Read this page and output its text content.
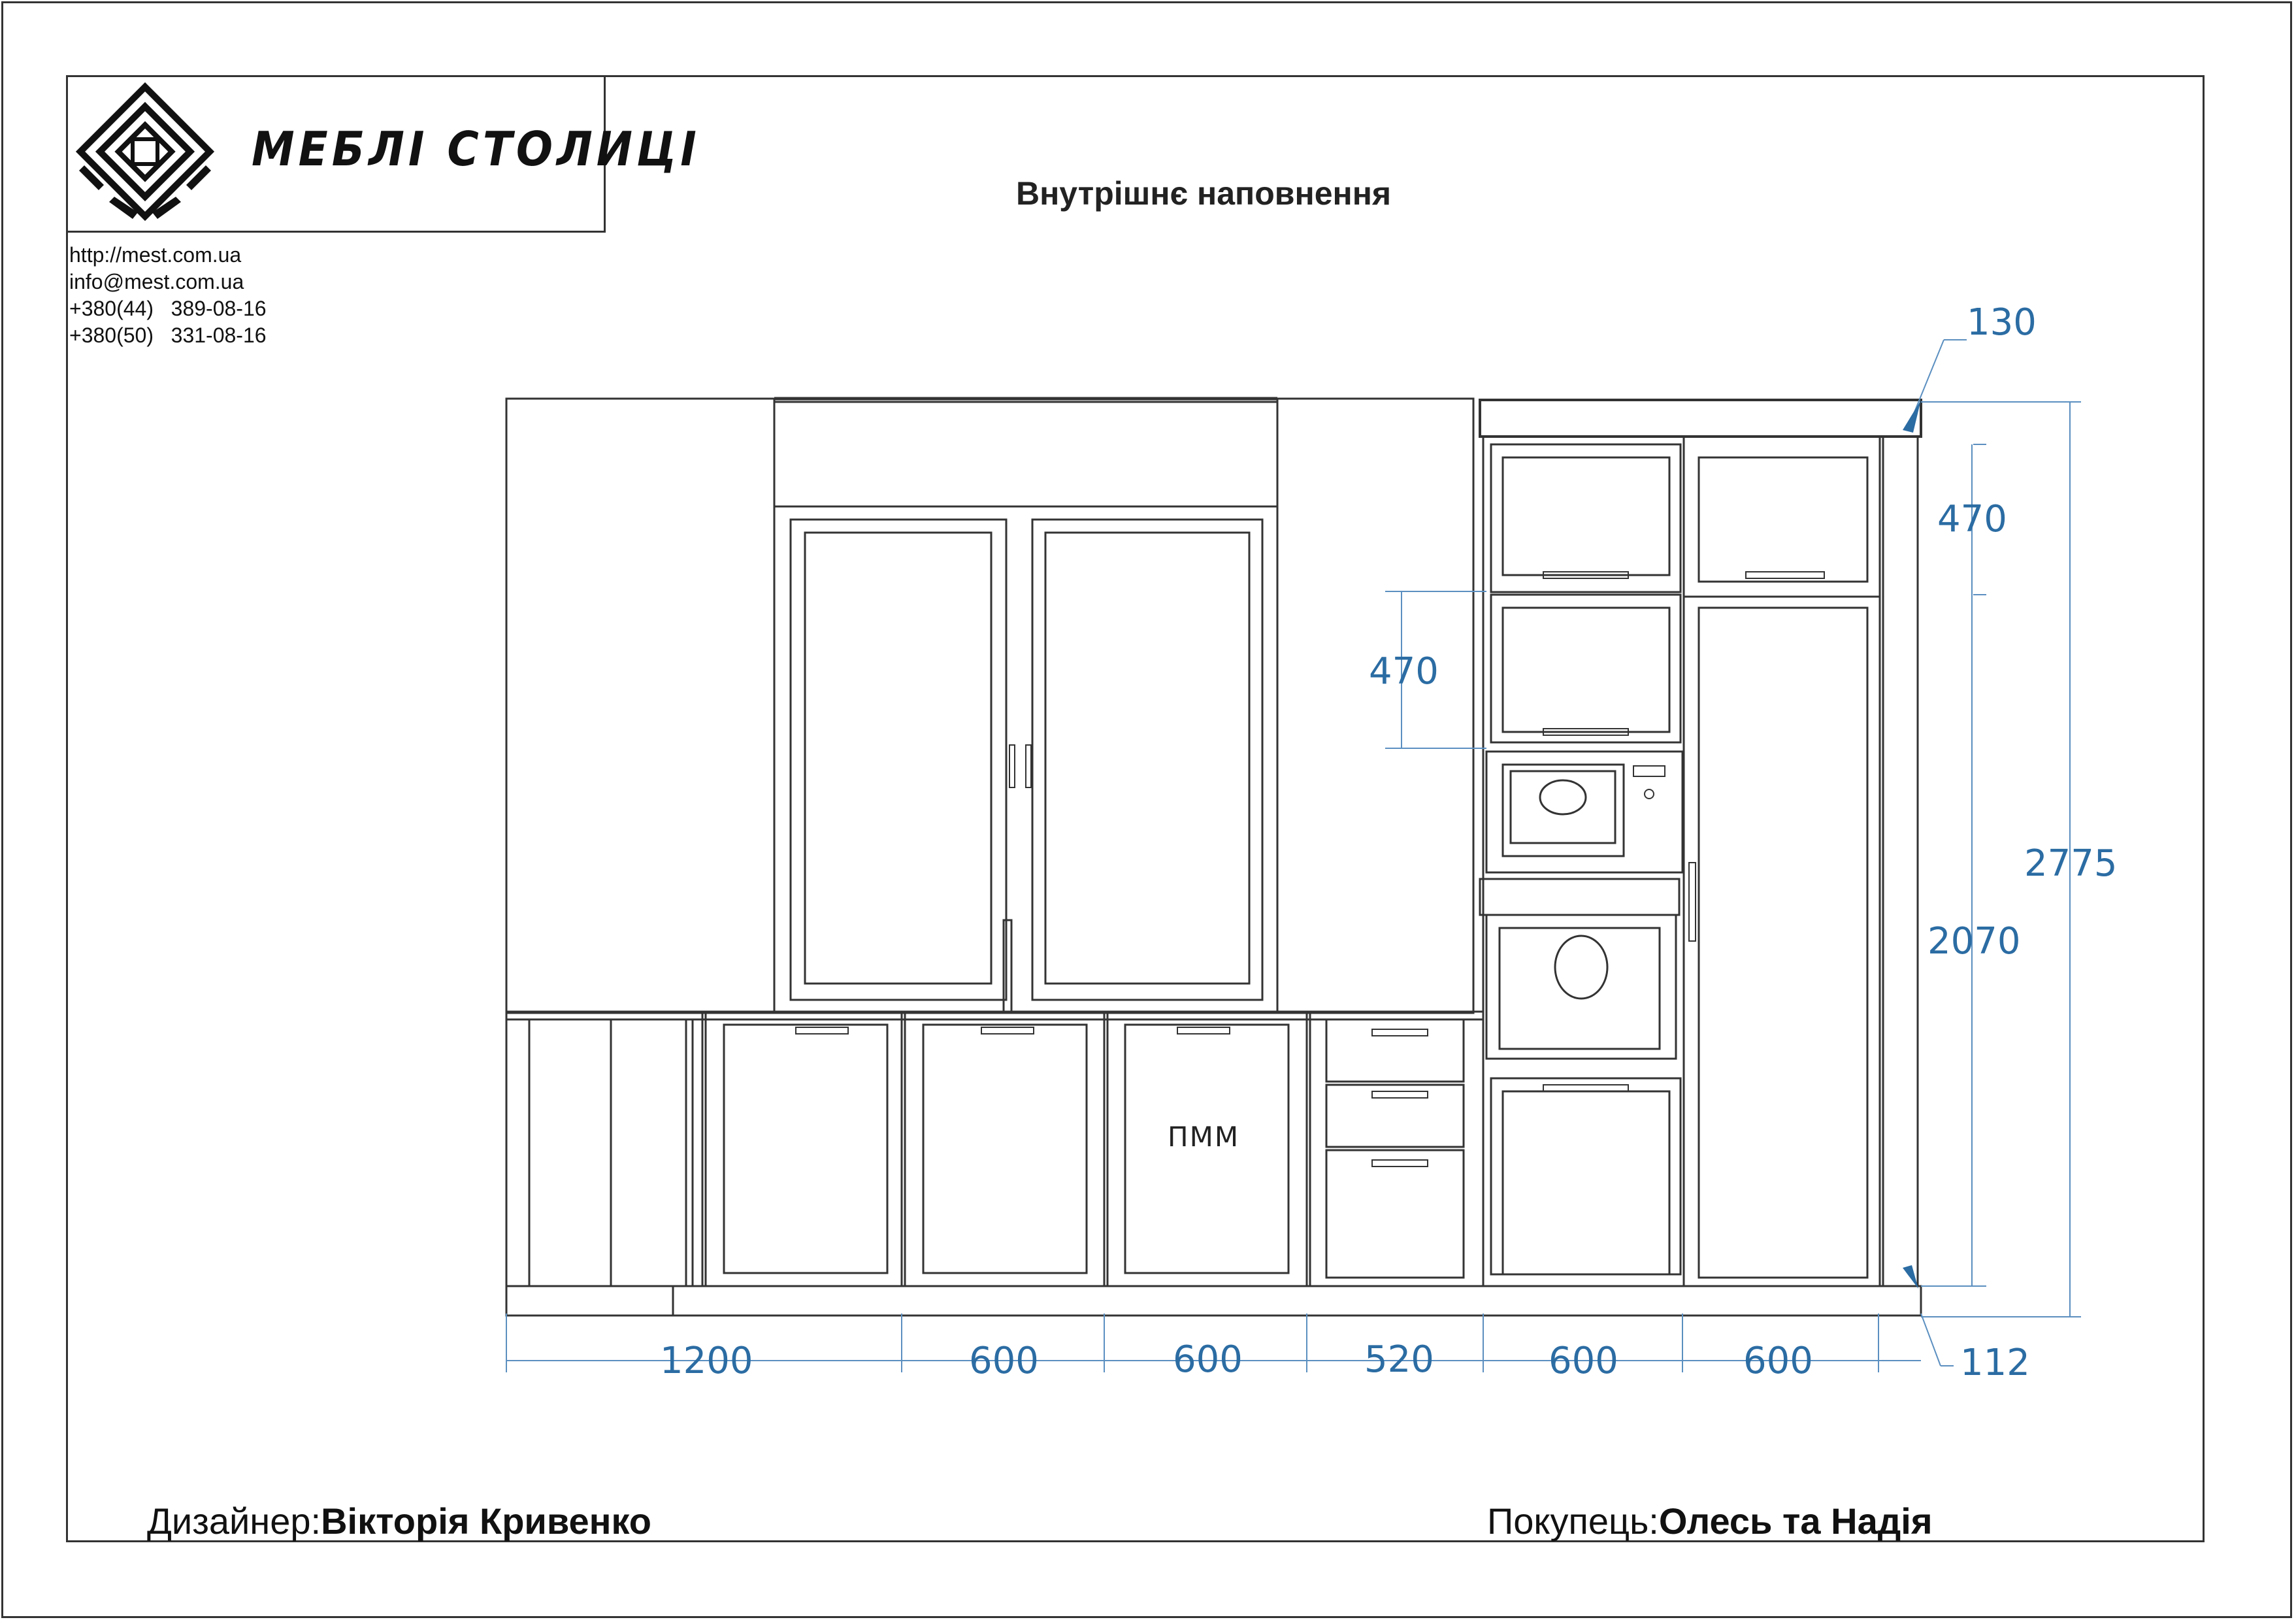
МЕБЛІ СТОЛИЦІ
http://mest.com.ua
info@mest.com.ua
+380(44)   389-08-16
+380(50)   331-08-16
Внутрішнє наповнення
ПММ
1200	600	600	520	600	600	112
130
470
470
2070
2775
Дизайнер:Вікторія Кривенко	Покупець:Олесь та Надія
